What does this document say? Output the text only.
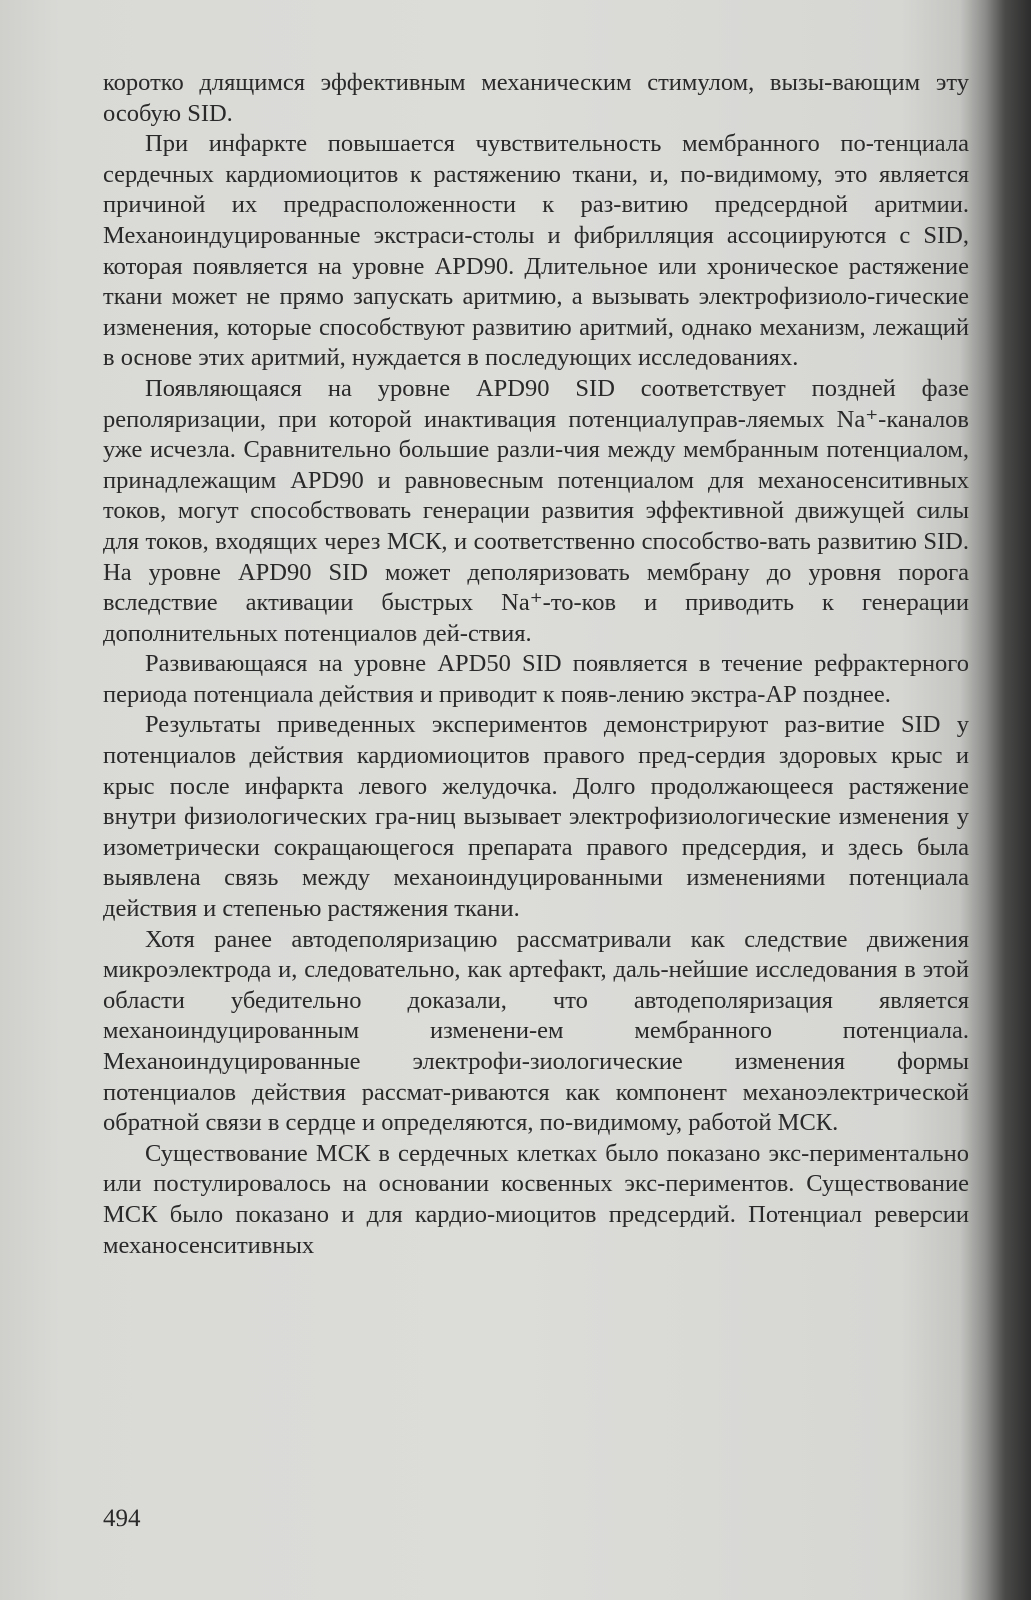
коротко длящимся эффективным механическим стимулом, вызы-вающим эту особую SID.

При инфаркте повышается чувствительность мембранного по-тенциала сердечных кардиомиоцитов к растяжению ткани, и, по-видимому, это является причиной их предрасположенности к раз-витию предсердной аритмии. Механоиндуцированные экстраси-столы и фибрилляция ассоциируются с SID, которая появляется на уровне APD90. Длительное или хроническое растяжение ткани может не прямо запускать аритмию, а вызывать электрофизиоло-гические изменения, которые способствуют развитию аритмий, однако механизм, лежащий в основе этих аритмий, нуждается в последующих исследованиях.

Появляющаяся на уровне APD90 SID соответствует поздней фазе реполяризации, при которой инактивация потенциалуправ-ляемых Na⁺-каналов уже исчезла. Сравнительно большие разли-чия между мембранным потенциалом, принадлежащим APD90 и равновесным потенциалом для механосенситивных токов, могут способствовать генерации развития эффективной движущей силы для токов, входящих через МСК, и соответственно способство-вать развитию SID. На уровне APD90 SID может деполяризовать мембрану до уровня порога вследствие активации быстрых Na⁺-то-ков и приводить к генерации дополнительных потенциалов дей-ствия.

Развивающаяся на уровне APD50 SID появляется в течение рефрактерного периода потенциала действия и приводит к появ-лению экстра-АР позднее.

Результаты приведенных экспериментов демонстрируют раз-витие SID у потенциалов действия кардиомиоцитов правого пред-сердия здоровых крыс и крыс после инфаркта левого желудочка. Долго продолжающееся растяжение внутри физиологических гра-ниц вызывает электрофизиологические изменения у изометрически сокращающегося препарата правого предсердия, и здесь была выявлена связь между механоиндуцированными изменениями потенциала действия и степенью растяжения ткани.

Хотя ранее автодеполяризацию рассматривали как следствие движения микроэлектрода и, следовательно, как артефакт, даль-нейшие исследования в этой области убедительно доказали, что автодеполяризация является механоиндуцированным изменени-ем мембранного потенциала. Механоиндуцированные электрофи-зиологические изменения формы потенциалов действия рассмат-риваются как компонент механоэлектрической обратной связи в сердце и определяются, по-видимому, работой МСК.

Существование МСК в сердечных клетках было показано экс-периментально или постулировалось на основании косвенных экс-периментов. Существование МСК было показано и для кардио-миоцитов предсердий. Потенциал реверсии механосенситивных

494
